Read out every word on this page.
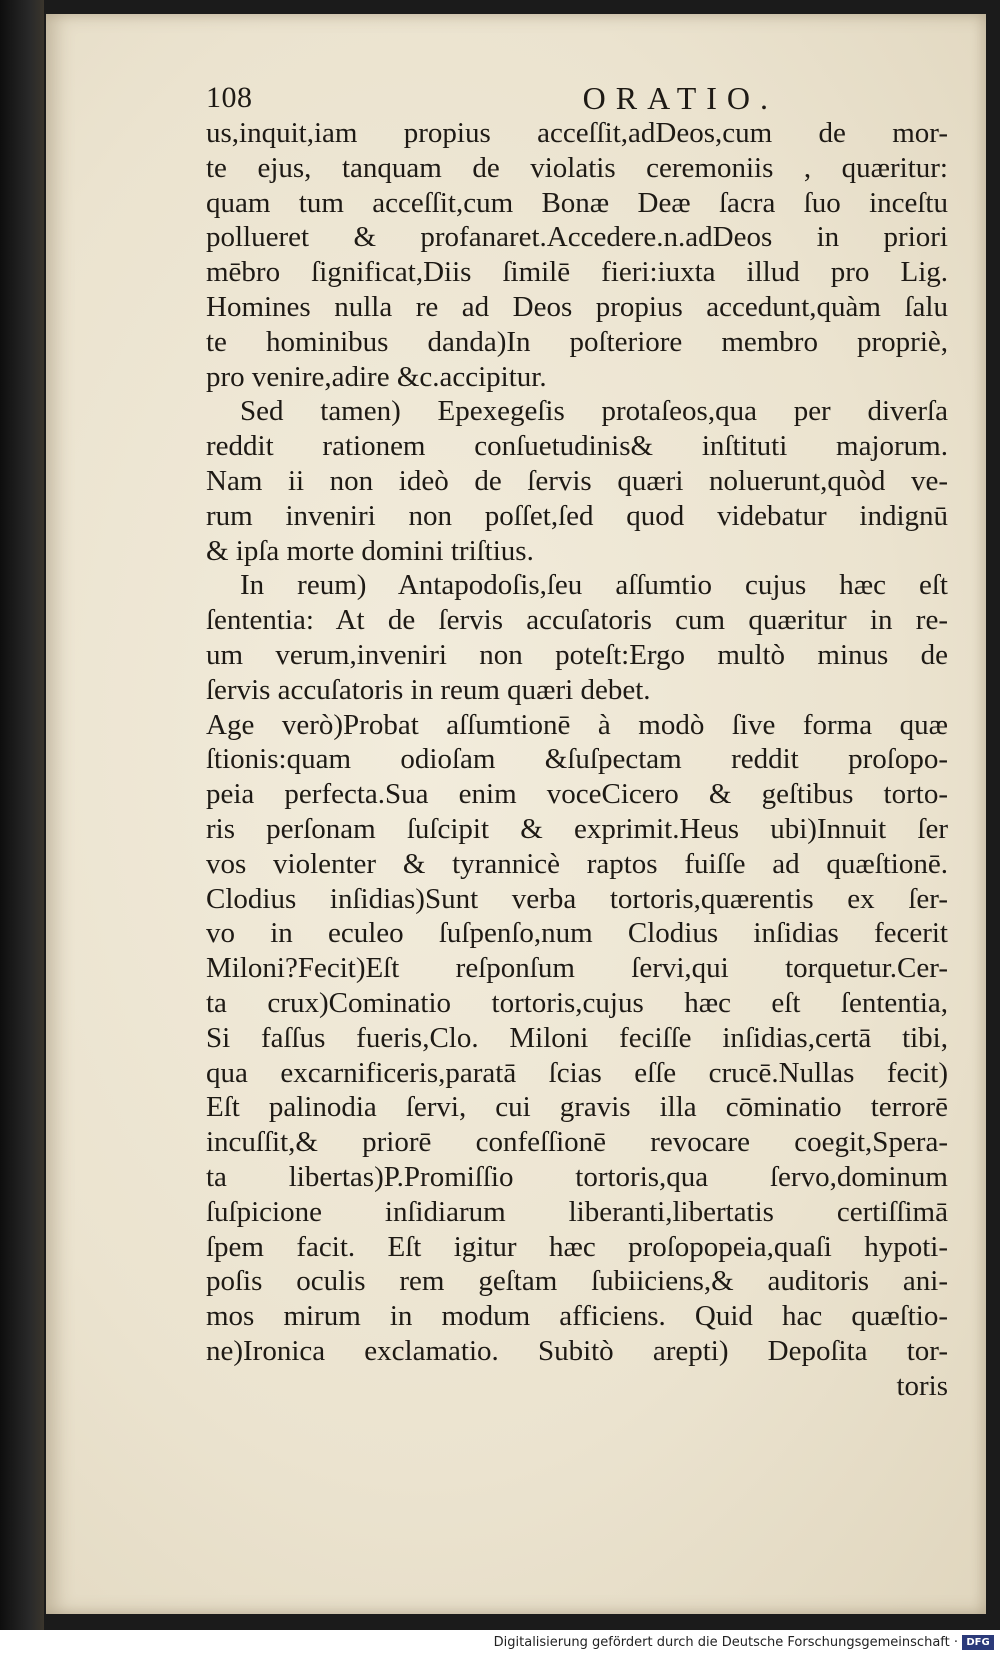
108	ORATIO.
us,inquit,iam propius acceſſit,adDeos,cum de mor-
te ejus, tanquam de violatis ceremoniis , quæritur:
quam tum acceſſit,cum Bonæ Deæ ſacra ſuo inceſtu
pollueret & profanaret.Accedere.n.adDeos in priori
mēbro ſignificat,Diis ſimilē fieri:iuxta illud pro Lig.
Homines nulla re ad Deos propius accedunt,quàm ſalu
te hominibus danda)In poſteriore membro propriè,
pro venire,adire &c.accipitur.
Sed tamen) Epexegeſis protaſeos,qua per diverſa
reddit rationem conſuetudinis& inſtituti majorum.
Nam ii non ideò de ſervis quæri noluerunt,quòd ve-
rum inveniri non poſſet,ſed quod videbatur indignū
& ipſa morte domini triſtius.
In reum) Antapodoſis,ſeu aſſumtio cujus hæc eſt
ſententia: At de ſervis accuſatoris cum quæritur in re-
um verum,inveniri non poteſt:Ergo multò minus de
ſervis accuſatoris in reum quæri debet.
Age verò)Probat aſſumtionē à modò ſive forma quæ
ſtionis:quam odioſam &ſuſpectam reddit proſopo-
peia perfecta.Sua enim voceCicero & geſtibus torto-
ris perſonam ſuſcipit & exprimit.Heus ubi)Innuit ſer
vos violenter & tyrannicè raptos fuiſſe ad quæſtionē.
Clodius inſidias)Sunt verba tortoris,quærentis ex ſer-
vo in eculeo ſuſpenſo,num Clodius inſidias fecerit
Miloni?Fecit)Eſt reſponſum ſervi,qui torquetur.Cer-
ta crux)Cominatio tortoris,cujus hæc eſt ſententia,
Si faſſus fueris,Clo. Miloni feciſſe inſidias,certā tibi,
qua excarnificeris,paratā ſcias eſſe crucē.Nullas fecit)
Eſt palinodia ſervi, cui gravis illa cōminatio terrorē
incuſſit,& priorē confeſſionē revocare coegit,Spera-
ta libertas)P.Promiſſio tortoris,qua ſervo,dominum
ſuſpicione inſidiarum liberanti,libertatis certiſſimā
ſpem facit. Eſt igitur hæc proſopopeia,quaſi hypoti-
poſis oculis rem geſtam ſubiiciens,& auditoris ani-
mos mirum in modum afficiens. Quid hac quæſtio-
ne)Ironica exclamatio. Subitò arepti) Depoſita tor-
toris
Digitalisierung gefördert durch die Deutsche Forschungsgemeinschaft · DFG
